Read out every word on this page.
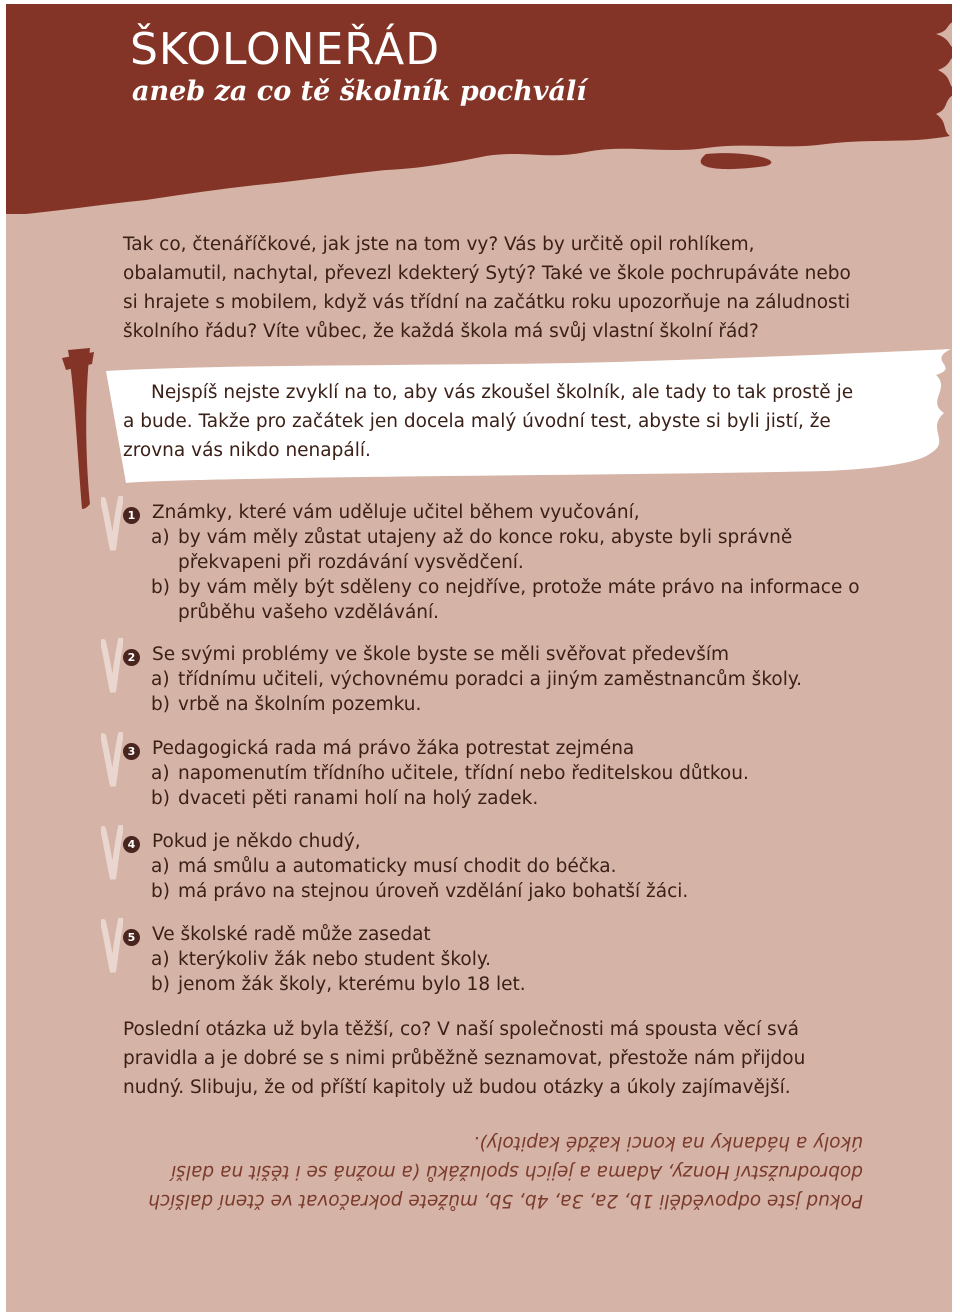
ŠKOLONEŘÁD
aneb za co tě školník pochválí

Tak co, čtenáříčkové, jak jste na tom vy? Vás by určitě opil rohlíkem, obalamutil, nachytal, převezl kdekterý Sytý? Také ve škole pochrupáváte nebo si hrajete s mobilem, když vás třídní na začátku roku upozorňuje na záludnosti školního řádu? Víte vůbec, že každá škola má svůj vlastní školní řád?

Nejspíš nejste zvyklí na to, aby vás zkoušel školník, ale tady to tak prostě je a bude. Takže pro začátek jen docela malý úvodní test, abyste si byli jistí, že zrovna vás nikdo nenapálí.

1 Známky, které vám uděluje učitel během vyučování,
a) by vám měly zůstat utajeny až do konce roku, abyste byli správně překvapeni při rozdávání vysvědčení.
b) by vám měly být sděleny co nejdříve, protože máte právo na informace o průběhu vašeho vzdělávání.
2 Se svými problémy ve škole byste se měli svěřovat především
a) třídnímu učiteli, výchovnému poradci a jiným zaměstnancům školy.
b) vrbě na školním pozemku.
3 Pedagogická rada má právo žáka potrestat zejména
a) napomenutím třídního učitele, třídní nebo ředitelskou důtkou.
b) dvaceti pěti ranami holí na holý zadek.
4 Pokud je někdo chudý,
a) má smůlu a automaticky musí chodit do béčka.
b) má právo na stejnou úroveň vzdělání jako bohatší žáci.
5 Ve školské radě může zasedat
a) kterýkoliv žák nebo student školy.
b) jenom žák školy, kterému bylo 18 let.

Poslední otázka už byla těžší, co? V naší společnosti má spousta věcí svá pravidla a je dobré se s nimi průběžně seznamovat, přestože nám přijdou nudný. Slibuju, že od příští kapitoly už budou otázky a úkoly zajímavější.

Pokud jste odpověděli 1b, 2a, 3a, 4b, 5b, můžete pokračovat ve čtení dalších dobrodružství Honzy, Adama a jejich spolužáků (a možná se i těšit na další úkoly a hádanky na konci každé kapitoly).
